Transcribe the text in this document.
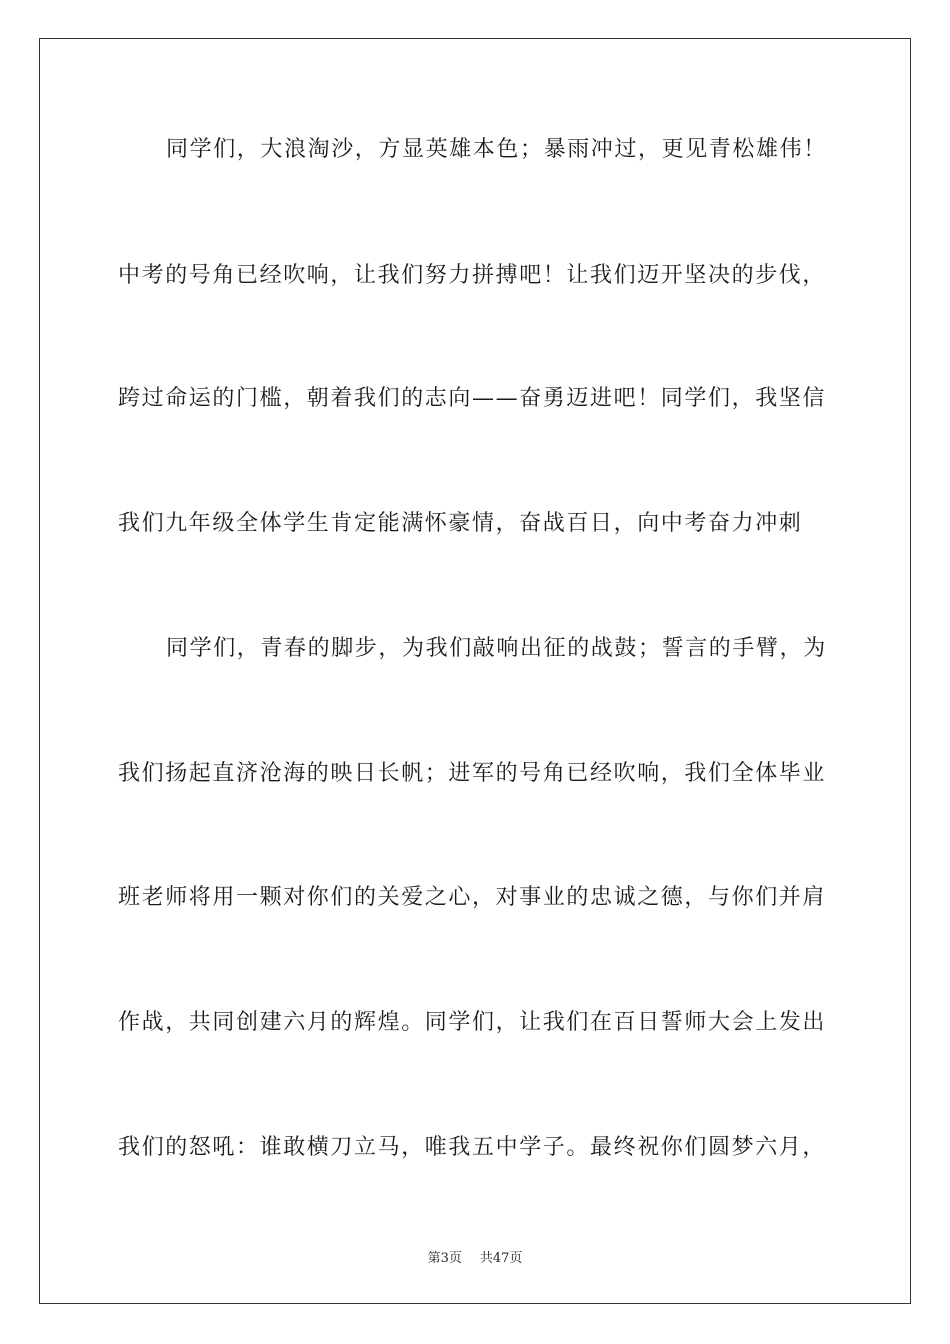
同学们，大浪淘沙，方显英雄本色；暴雨冲过，更见青松雄伟！
中考的号角已经吹响，让我们努力拼搏吧！让我们迈开坚决的步伐，
跨过命运的门槛，朝着我们的志向——奋勇迈进吧！同学们，我坚信
我们九年级全体学生肯定能满怀豪情，奋战百日，向中考奋力冲刺
同学们，青春的脚步，为我们敲响出征的战鼓；誓言的手臂，为
我们扬起直济沧海的映日长帆；进军的号角已经吹响，我们全体毕业
班老师将用一颗对你们的关爱之心，对事业的忠诚之德，与你们并肩
作战，共同创建六月的辉煌。同学们，让我们在百日誓师大会上发出
我们的怒吼：谁敢横刀立马，唯我五中学子。最终祝你们圆梦六月，
第3页 共47页
